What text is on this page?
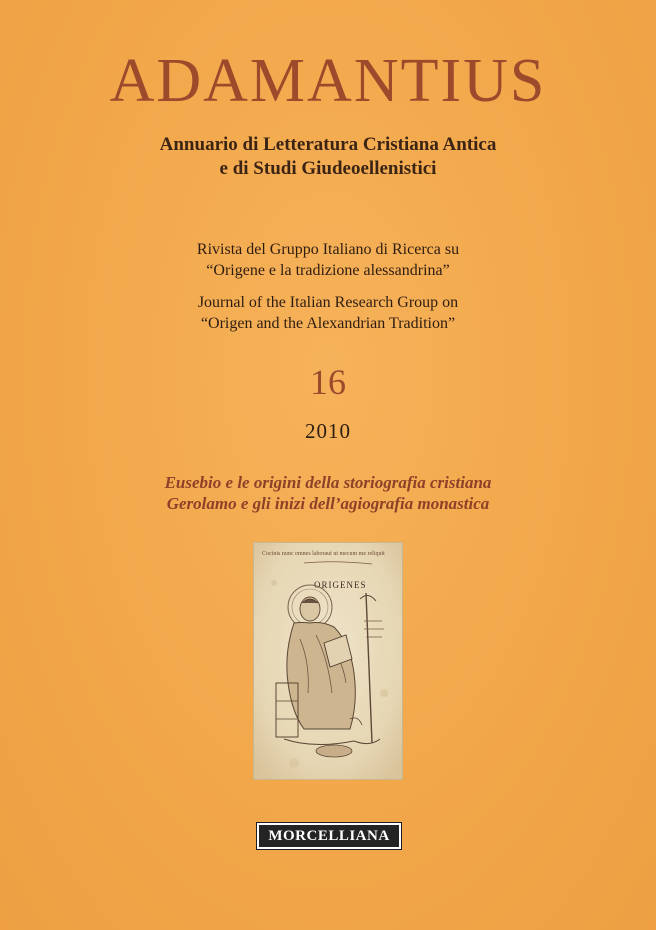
ADAMANTIUS
Annuario di Letteratura Cristiana Antica
e di Studi Giudeoellenistici
Rivista del Gruppo Italiano di Ricerca su
“Origene e la tradizione alessandrina”
Journal of the Italian Research Group on
“Origen and the Alexandrian Tradition”
16
2010
Eusebio e le origini della storiografia cristiana
Gerolamo e gli inizi dell’agiografia monastica
Cocinis nunc omnes laboraui ut mecum me reliquit
ORIGENES
MORCELLIANA
